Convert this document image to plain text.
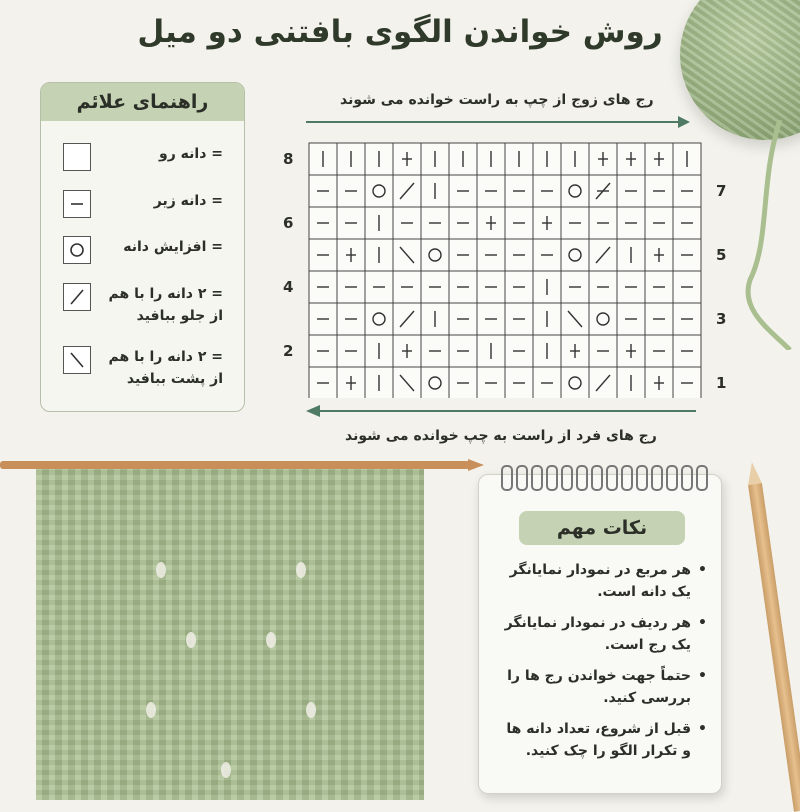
روش خواندن الگوی بافتنی دو میل
راهنمای علائم
= دانه رو
= دانه زیر
= افزایش دانه
= ۲ دانه را با هم
از جلو ببافید
= ۲ دانه را با هم
از پشت ببافید
رج های زوج از چپ به راست خوانده می شوند
رج های فرد از راست به چپ خوانده می شوند
8
6
4
2
7
5
3
1
نکات مهم
• هر مربع در نمودار نمایانگر یک دانه است.
• هر ردیف در نمودار نمایانگر یک رج است.
• حتماً جهت خواندن رج ها را بررسی کنید.
• قبل از شروع، تعداد دانه ها و تکرار الگو را چک کنید.
